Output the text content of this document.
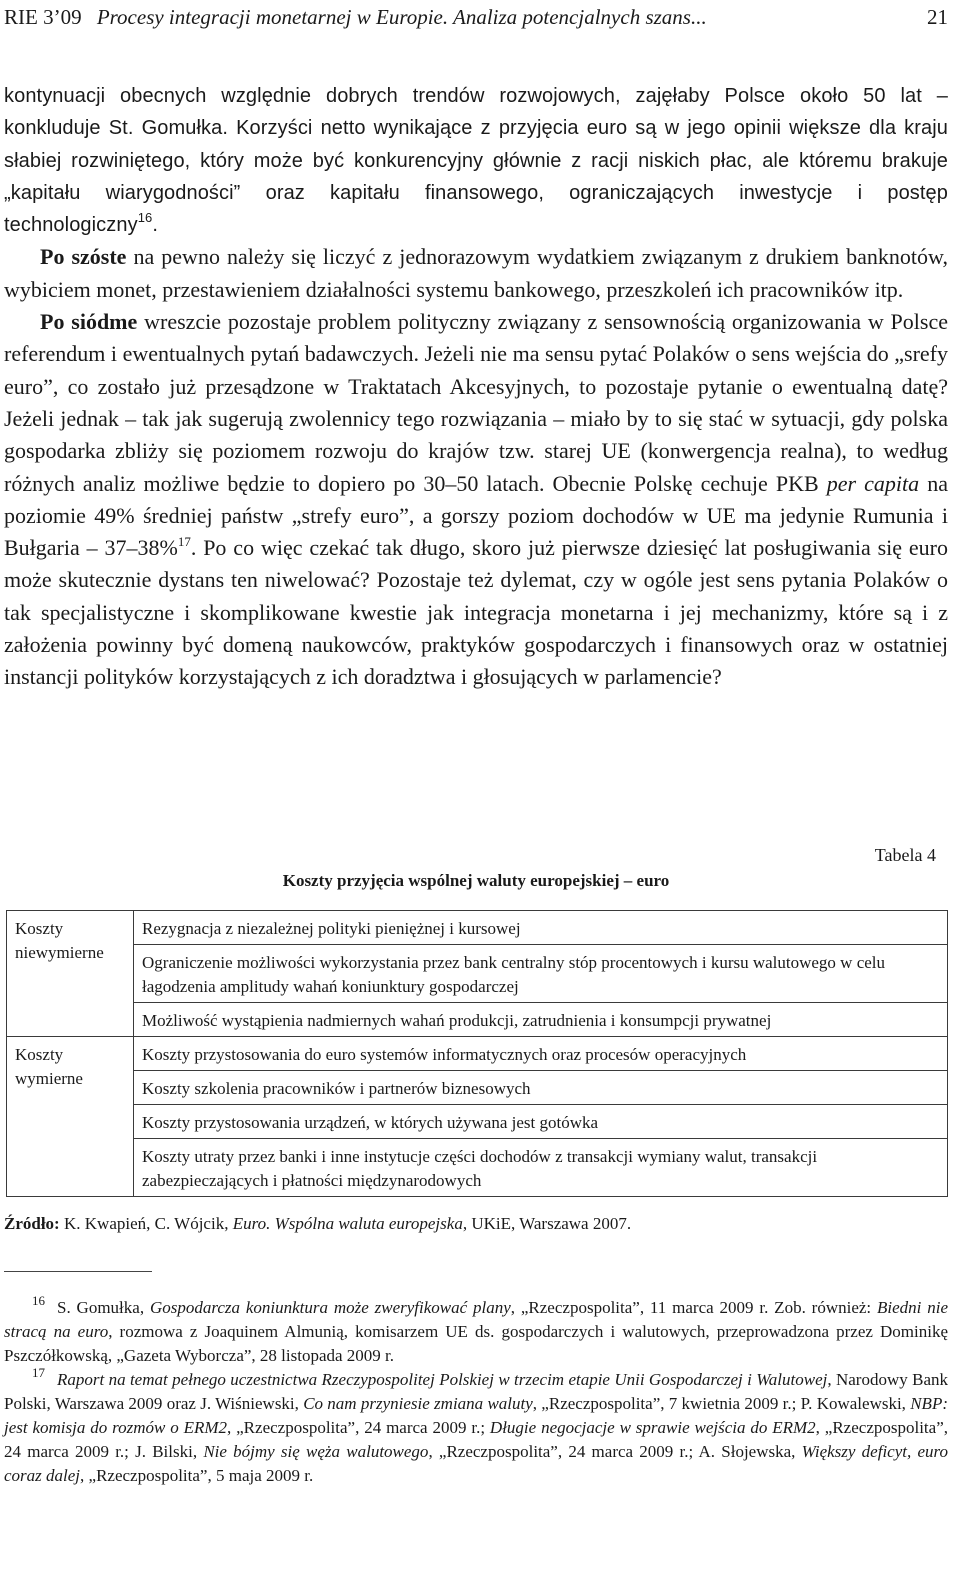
RIE 3’09 Procesy integracji monetarnej w Europie. Analiza potencjalnych szans...	21

kontynuacji obecnych względnie dobrych trendów rozwojowych, zajęłaby Polsce około 50 lat – konkluduje St. Gomułka. Korzyści netto wynikające z przyjęcia euro są w jego opinii większe dla kraju słabiej rozwiniętego, który może być konkurencyjny głównie z racji niskich płac, ale któremu brakuje „kapitału wiarygodności” oraz kapitału finansowego, ograniczających inwestycje i postęp technologiczny$^{16}$.

Po szóste na pewno należy się liczyć z jednorazowym wydatkiem związanym z drukiem banknotów, wybiciem monet, przestawieniem działalności systemu bankowego, przeszkoleń ich pracowników itp.

Po siódme wreszcie pozostaje problem polityczny związany z sensownością organizowania w Polsce referendum i ewentualnych pytań badawczych. Jeżeli nie ma sensu pytać Polaków o sens wejścia do „srefy euro”, co zostało już przesądzone w Traktatach Akcesyjnych, to pozostaje pytanie o ewentualną datę? Jeżeli jednak – tak jak sugerują zwolennicy tego rozwiązania – miało by to się stać w sytuacji, gdy polska gospodarka zbliży się poziomem rozwoju do krajów tzw. starej UE (konwergencja realna), to według różnych analiz możliwe będzie to dopiero po 30–50 latach. Obecnie Polskę cechuje PKB per capita na poziomie 49% średniej państw „strefy euro”, a gorszy poziom dochodów w UE ma jedynie Rumunia i Bułgaria – 37–38%$^{17}$. Po co więc czekać tak długo, skoro już pierwsze dziesięć lat posługiwania się euro może skutecznie dystans ten niwelować? Pozostaje też dylemat, czy w ogóle jest sens pytania Polaków o tak specjalistyczne i skomplikowane kwestie jak integracja monetarna i jej mechanizmy, które są i z założenia powinny być domeną naukowców, praktyków gospodarczych i finansowych oraz w ostatniej instancji polityków korzystających z ich doradztwa i głosujących w parlamencie?

Tabela 4
Koszty przyjęcia wspólnej waluty europejskiej – euro
Koszty niewymierne	Rezygnacja z niezależnej polityki pieniężnej i kursowej
	Ograniczenie możliwości wykorzystania przez bank centralny stóp procentowych i kursu walutowego w celu łagodzenia amplitudy wahań koniunktury gospodarczej
	Możliwość wystąpienia nadmiernych wahań produkcji, zatrudnienia i konsumpcji prywatnej
Koszty wymierne	Koszty przystosowania do euro systemów informatycznych oraz procesów operacyjnych
	Koszty szkolenia pracowników i partnerów biznesowych
	Koszty przystosowania urządzeń, w których używana jest gotówka
	Koszty utraty przez banki i inne instytucje części dochodów z transakcji wymiany walut, transakcji zabezpieczających i płatności międzynarodowych
Źródło: K. Kwapień, C. Wójcik, Euro. Wspólna waluta europejska, UKiE, Warszawa 2007.

$^{16}$ S. Gomułka, Gospodarcza koniunktura może zweryfikować plany, „Rzeczpospolita”, 11 marca 2009 r. Zob. również: Biedni nie stracą na euro, rozmowa z Joaquinem Almunią, komisarzem UE ds. gospodarczych i walutowych, przeprowadzona przez Dominikę Pszczółkowską, „Gazeta Wyborcza”, 28 listopada 2009 r.

$^{17}$ Raport na temat pełnego uczestnictwa Rzeczypospolitej Polskiej w trzecim etapie Unii Gospodarczej i Walutowej, Narodowy Bank Polski, Warszawa 2009 oraz J. Wiśniewski, Co nam przyniesie zmiana waluty, „Rzeczpospolita”, 7 kwietnia 2009 r.; P. Kowalewski, NBP: jest komisja do rozmów o ERM2, „Rzeczpospolita”, 24 marca 2009 r.; Długie negocjacje w sprawie wejścia do ERM2, „Rzeczpospolita”, 24 marca 2009 r.; J. Bilski, Nie bójmy się węża walutowego, „Rzeczpospolita”, 24 marca 2009 r.; A. Słojewska, Większy deficyt, euro coraz dalej, „Rzeczpospolita”, 5 maja 2009 r.
